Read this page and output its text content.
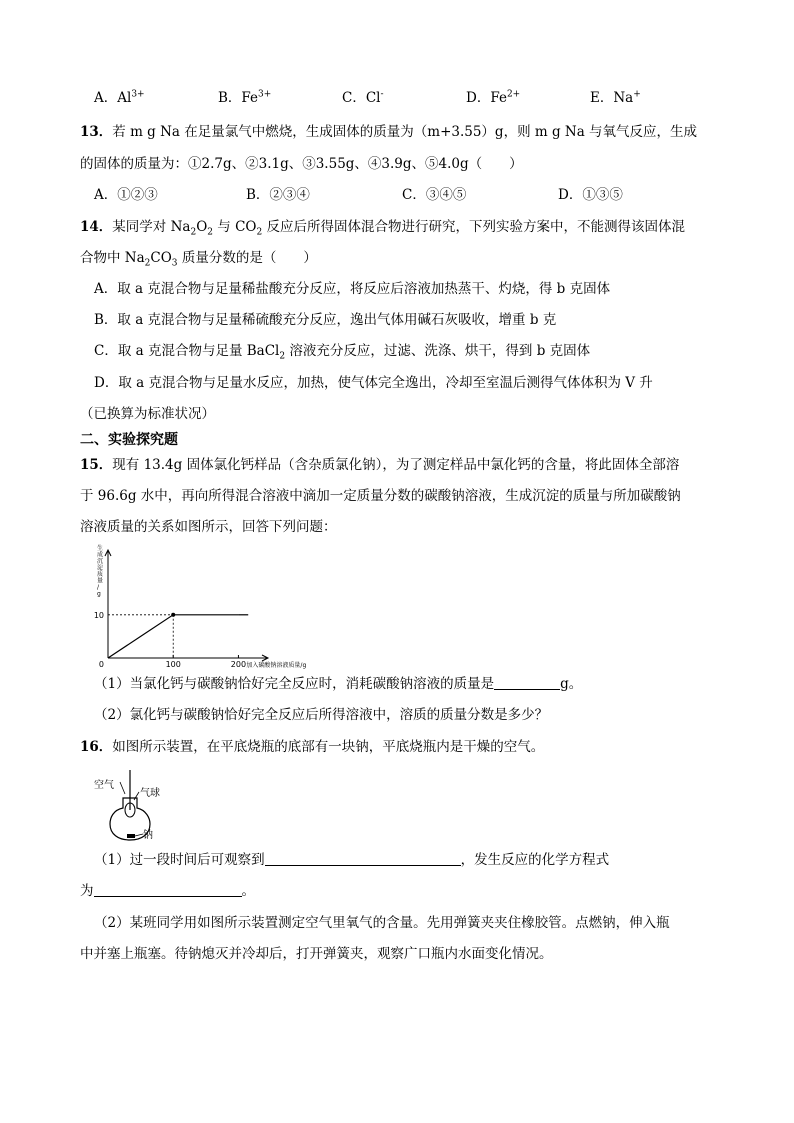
A．$Al^{3+}$	B．$Fe^{3+}$	C．Cl-	D．$Fe^{2+}$	E．Na+
13．若 m g Na 在足量氯气中燃烧，生成固体的质量为（m+3.55）g，则 m g Na 与氧气反应，生成
的固体的质量为：①2.7g、②3.1g、③3.55g、④3.9g、⑤4.0g（　　）
A．①②③	B．②③④	C．③④⑤	D．①③⑤
14．某同学对 $Na_2O_2$ 与 $CO_2$ 反应后所得固体混合物进行研究，下列实验方案中，不能测得该固体混
合物中 $Na_2CO_3$ 质量分数的是（　　）
A．取 a 克混合物与足量稀盐酸充分反应，将反应后溶液加热蒸干、灼烧，得 b 克固体
B．取 a 克混合物与足量稀硫酸充分反应，逸出气体用碱石灰吸收，增重 b 克
C．取 a 克混合物与足量 BaCl$_2$ 溶液充分反应，过滤、洗涤、烘干，得到 b 克固体
D．取 a 克混合物与足量水反应，加热，使气体完全逸出，冷却至室温后测得气体体积为 V 升
（已换算为标准状况）
二、实验探究题
15．现有 13.4g 固体氯化钙样品（含杂质氯化钠），为了测定样品中氯化钙的含量，将此固体全部溶
于 96.6g 水中，再向所得混合溶液中滴加一定质量分数的碳酸钠溶液，生成沉淀的质量与所加碳酸钠
溶液质量的关系如图所示，回答下列问题：
0	100	200
10
加入碳酸钠溶液质量/g
生成沉淀质量/ g
（1）当氯化钙与碳酸钠恰好完全反应时，消耗碳酸钠溶液的质量是	g。
（2）氯化钙与碳酸钠恰好完全反应后所得溶液中，溶质的质量分数是多少？
16．如图所示装置，在平底烧瓶的底部有一块钠，平底烧瓶内是干燥的空气。
空气
气球
钠
（1）过一段时间后可观察到	，发生反应的化学方程式
为	。
（2）某班同学用如图所示装置测定空气里氧气的含量。先用弹簧夹夹住橡胶管。点燃钠，伸入瓶
中并塞上瓶塞。待钠熄灭并冷却后，打开弹簧夹，观察广口瓶内水面变化情况。
